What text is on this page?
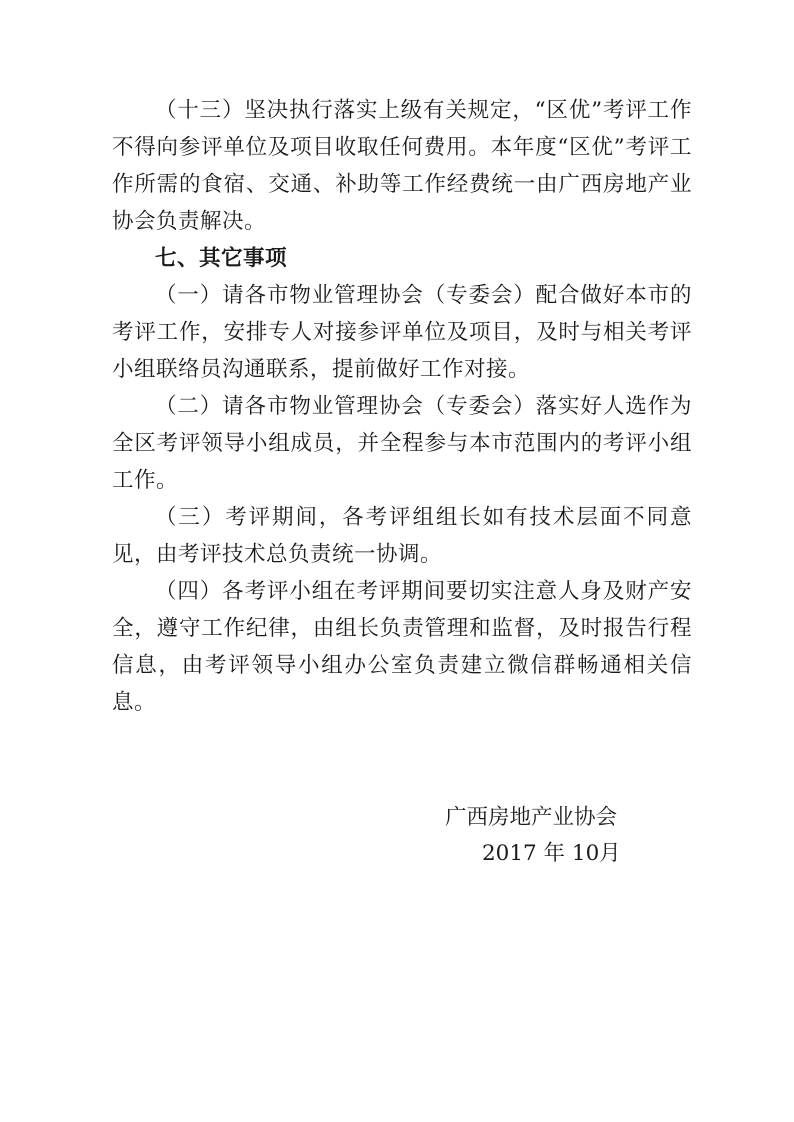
（十三）坚决执行落实上级有关规定，“区优”考评工作不得向参评单位及项目收取任何费用。本年度“区优”考评工作所需的食宿、交通、补助等工作经费统一由广西房地产业协会负责解决。

七、其它事项

（一）请各市物业管理协会（专委会）配合做好本市的考评工作，安排专人对接参评单位及项目，及时与相关考评小组联络员沟通联系，提前做好工作对接。

（二）请各市物业管理协会（专委会）落实好人选作为全区考评领导小组成员，并全程参与本市范围内的考评小组工作。

（三）考评期间，各考评组组长如有技术层面不同意见，由考评技术总负责统一协调。

（四）各考评小组在考评期间要切实注意人身及财产安全，遵守工作纪律，由组长负责管理和监督，及时报告行程信息，由考评领导小组办公室负责建立微信群畅通相关信息。

广西房地产业协会
2017 年 10月
